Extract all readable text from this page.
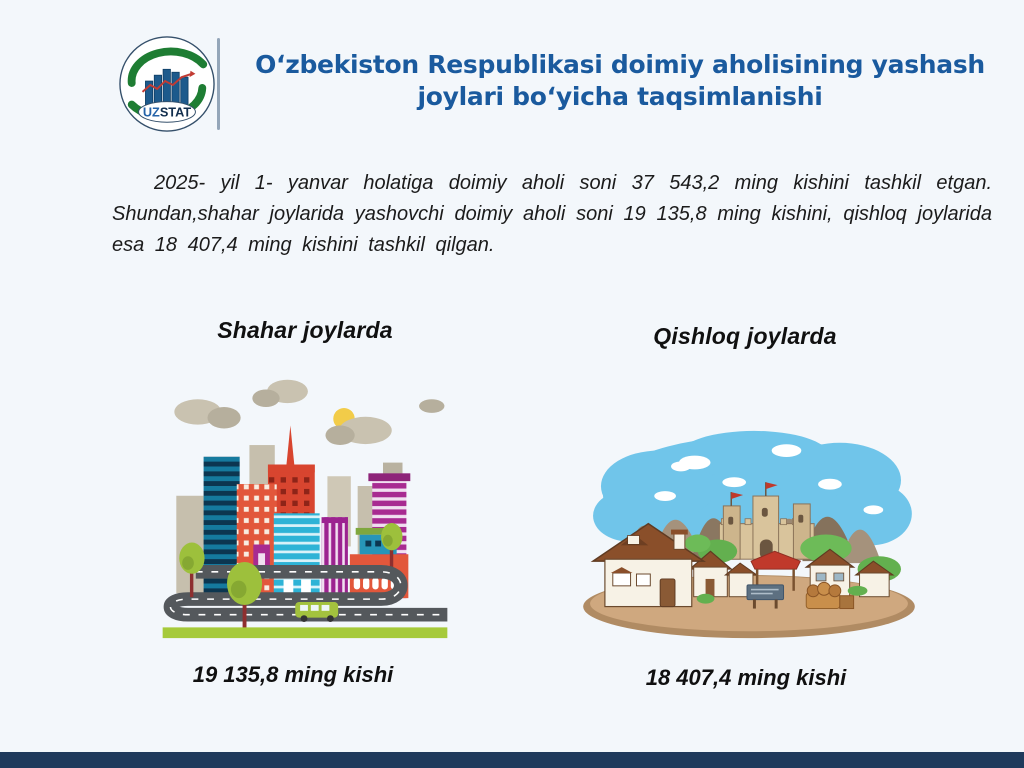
UZSTAT
Oʻzbekiston Respublikasi doimiy aholisining yashash joylari boʻyicha taqsimlanishi

2025- yil 1- yanvar holatiga doimiy aholi soni 37 543,2 ming kishini tashkil etgan. Shundan,shahar joylarida yashovchi doimiy aholi soni 19 135,8 ming kishini, qishloq joylarida esa 18 407,4 ming kishini tashkil qilgan.

Shahar joylarda
19 135,8 ming kishi
Qishloq joylarda
18 407,4 ming kishi
